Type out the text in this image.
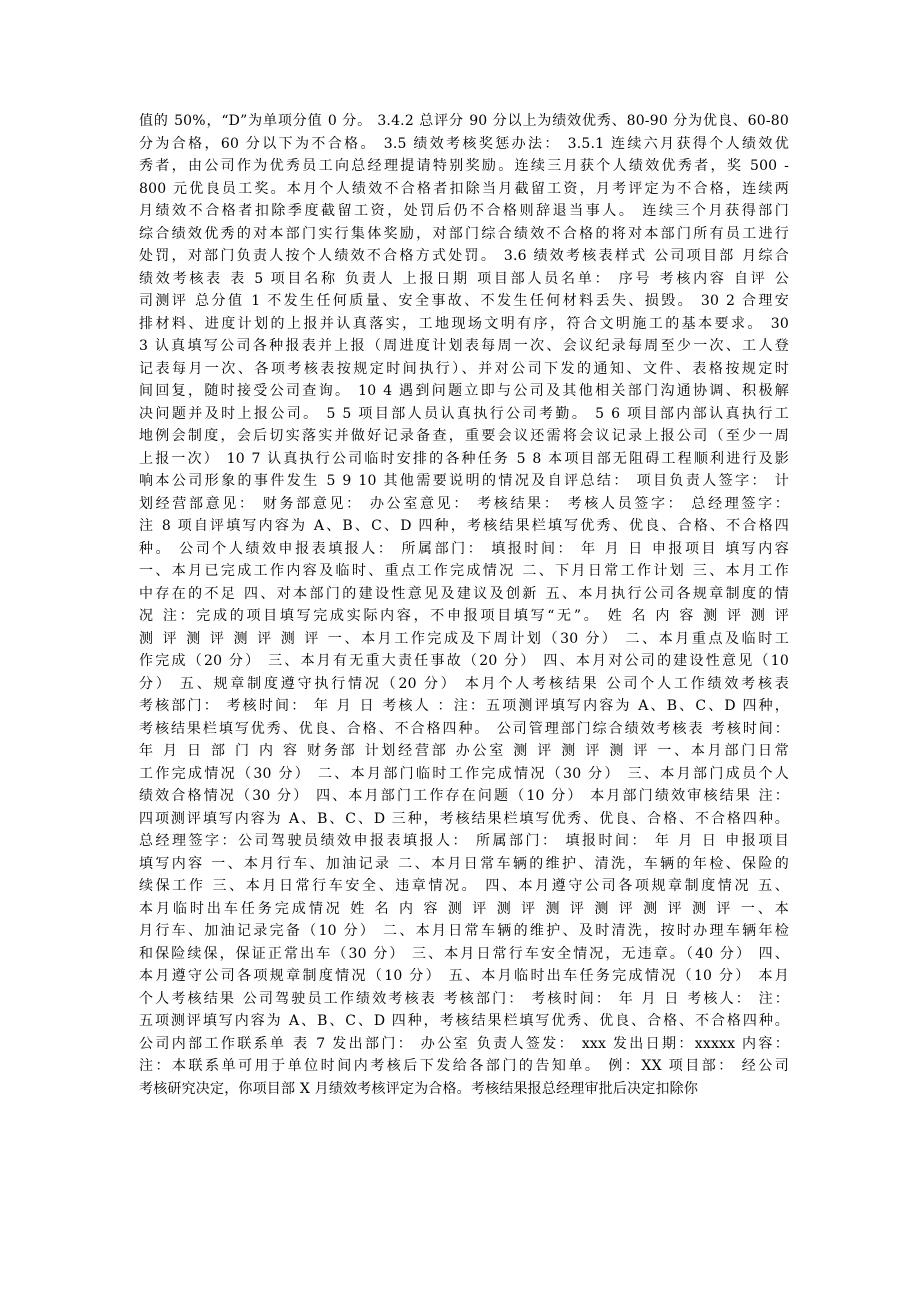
值的 50%，“D”为单项分值 0 分。 3.4.2 总评分 90 分以上为绩效优秀、80-90 分为优良、60-80
分为合格，60 分以下为不合格。 3.5 绩效考核奖惩办法： 3.5.1 连续六月获得个人绩效优
秀者，由公司作为优秀员工向总经理提请特别奖励。连续三月获个人绩效优秀者，奖 500 -
800 元优良员工奖。本月个人绩效不合格者扣除当月截留工资，月考评定为不合格，连续两
月绩效不合格者扣除季度截留工资，处罚后仍不合格则辞退当事人。 连续三个月获得部门
综合绩效优秀的对本部门实行集体奖励，对部门综合绩效不合格的将对本部门所有员工进行
处罚，对部门负责人按个人绩效不合格方式处罚。 3.6 绩效考核表样式 公司项目部 月综合
绩效考核表 表 5 项目名称 负责人 上报日期 项目部人员名单： 序号 考核内容 自评 公
司测评 总分值 1 不发生任何质量、安全事故、不发生任何材料丢失、损毁。 30 2 合理安
排材料、进度计划的上报并认真落实，工地现场文明有序，符合文明施工的基本要求。 30
3 认真填写公司各种报表并上报（周进度计划表每周一次、会议纪录每周至少一次、工人登
记表每月一次、各项考核表按规定时间执行）、并对公司下发的通知、文件、表格按规定时
间回复，随时接受公司查询。 10 4 遇到问题立即与公司及其他相关部门沟通协调、积极解
决问题并及时上报公司。 5 5 项目部人员认真执行公司考勤。 5 6 项目部内部认真执行工
地例会制度，会后切实落实并做好记录备查，重要会议还需将会议记录上报公司（至少一周
上报一次） 10 7 认真执行公司临时安排的各种任务 5 8 本项目部无阻碍工程顺利进行及影
响本公司形象的事件发生 5 9 10 其他需要说明的情况及自评总结： 项目负责人签字： 计
划经营部意见： 财务部意见： 办公室意见： 考核结果： 考核人员签字： 总经理签字：
注 8 项自评填写内容为 A、B、C、D 四种，考核结果栏填写优秀、优良、合格、不合格四
种。 公司个人绩效申报表填报人： 所属部门： 填报时间： 年 月 日 申报项目 填写内容
一、本月已完成工作内容及临时、重点工作完成情况 二、下月日常工作计划 三、本月工作
中存在的不足 四、对本部门的建设性意见及建议及创新 五、本月执行公司各规章制度的情
况 注：完成的项目填写完成实际内容，不申报项目填写“无”。 姓 名 内 容 测 评 测 评
测 评 测 评 测 评 测 评 一、本月工作完成及下周计划（30 分） 二、本月重点及临时工
作完成（20 分） 三、本月有无重大责任事故（20 分） 四、本月对公司的建设性意见（10
分） 五、规章制度遵守执行情况（20 分） 本月个人考核结果 公司个人工作绩效考核表
考核部门： 考核时间： 年 月 日 考核人 ：注：五项测评填写内容为 A、B、C、D 四种，
考核结果栏填写优秀、优良、合格、不合格四种。 公司管理部门综合绩效考核表 考核时间：
年 月 日 部 门 内 容 财务部 计划经营部 办公室 测 评 测 评 测 评 一、本月部门日常
工作完成情况（30 分） 二、本月部门临时工作完成情况（30 分） 三、本月部门成员个人
绩效合格情况（30 分） 四、本月部门工作存在问题（10 分） 本月部门绩效审核结果 注：
四项测评填写内容为 A、B、C、D 三种，考核结果栏填写优秀、优良、合格、不合格四种。
总经理签字：公司驾驶员绩效申报表填报人： 所属部门： 填报时间： 年 月 日 申报项目
填写内容 一、本月行车、加油记录 二、本月日常车辆的维护、清洗，车辆的年检、保险的
续保工作 三、本月日常行车安全、违章情况。 四、本月遵守公司各项规章制度情况 五、
本月临时出车任务完成情况 姓 名 内 容 测 评 测 评 测 评 测 评 测 评 测 评 一、本
月行车、加油记录完备（10 分） 二、本月日常车辆的维护、及时清洗，按时办理车辆年检
和保险续保，保证正常出车（30 分） 三、本月日常行车安全情况，无违章。（40 分） 四、
本月遵守公司各项规章制度情况（10 分） 五、本月临时出车任务完成情况（10 分） 本月
个人考核结果 公司驾驶员工作绩效考核表 考核部门： 考核时间： 年 月 日 考核人： 注：
五项测评填写内容为 A、B、C、D 四种，考核结果栏填写优秀、优良、合格、不合格四种。
公司内部工作联系单 表 7 发出部门： 办公室 负责人签发： xxx 发出日期：xxxxx 内容：
注：本联系单可用于单位时间内考核后下发给各部门的告知单。 例：XX 项目部： 经公司
考核研究决定，你项目部 X 月绩效考核评定为合格。考核结果报总经理审批后决定扣除你
